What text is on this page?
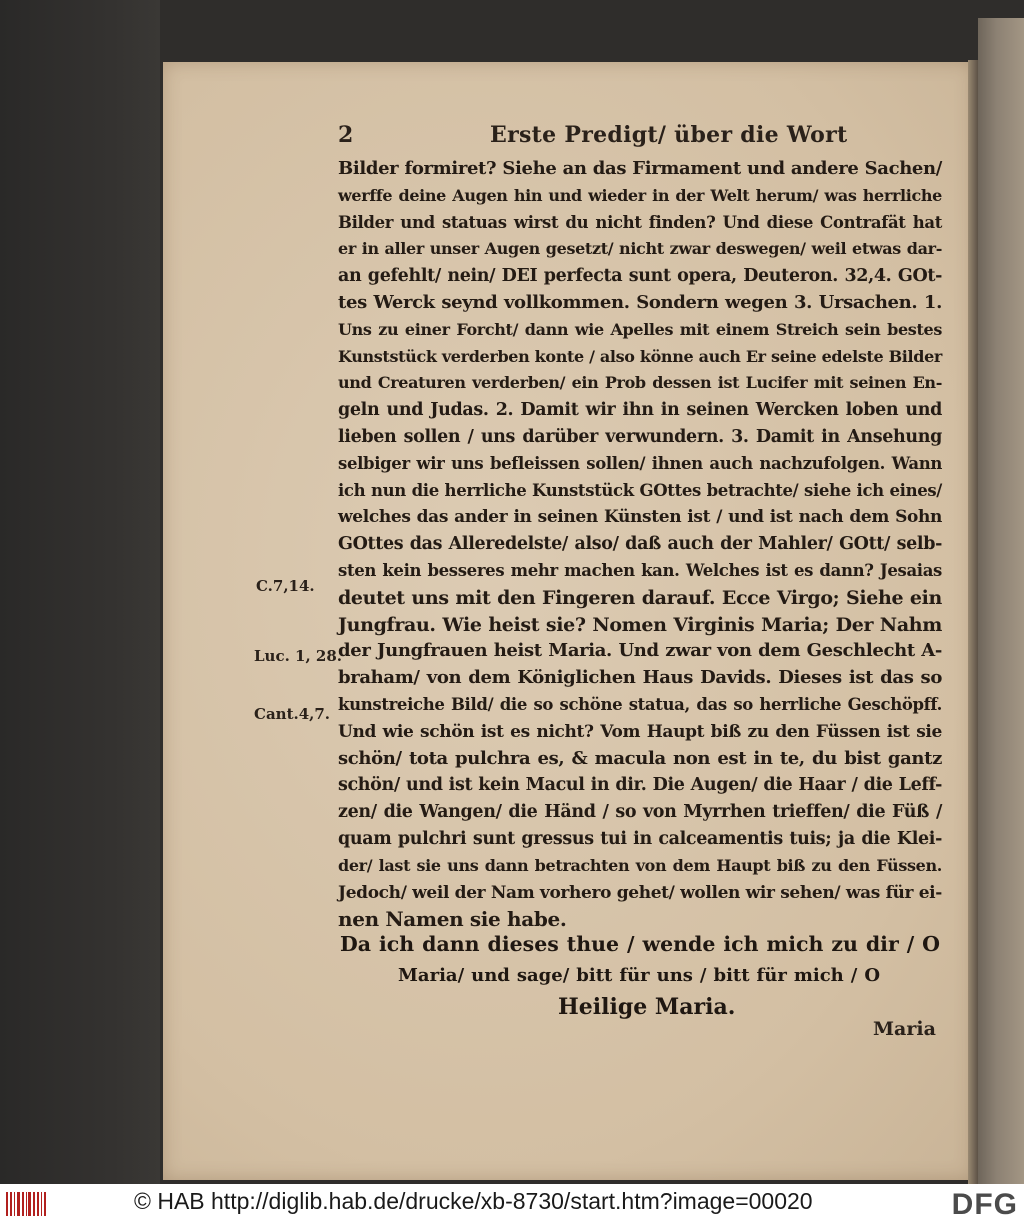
2	Erste Predigt/ über die Wort
Bilder formiret? Siehe an das Firmament und andere Sachen/
werffe deine Augen hin und wieder in der Welt herum/ was herrliche
Bilder und statuas wirst du nicht finden? Und diese Contrafät hat
er in aller unser Augen gesetzt/ nicht zwar deswegen/ weil etwas dar-
an gefehlt/ nein/ DEI perfecta sunt opera, Deuteron. 32,4. GOt-
tes Werck seynd vollkommen. Sondern wegen 3. Ursachen. 1.
Uns zu einer Forcht/ dann wie Apelles mit einem Streich sein bestes
Kunststück verderben konte / also könne auch Er seine edelste Bilder
und Creaturen verderben/ ein Prob dessen ist Lucifer mit seinen En-
geln und Judas. 2. Damit wir ihn in seinen Wercken loben und
lieben sollen / uns darüber verwundern. 3. Damit in Ansehung
selbiger wir uns befleissen sollen/ ihnen auch nachzufolgen. Wann
ich nun die herrliche Kunststück GOttes betrachte/ siehe ich eines/
welches das ander in seinen Künsten ist / und ist nach dem Sohn
GOttes das Alleredelste/ also/ daß auch der Mahler/ GOtt/ selb-
sten kein besseres mehr machen kan. Welches ist es dann? Jesaias
deutet uns mit den Fingeren darauf. Ecce Virgo; Siehe ein
Jungfrau. Wie heist sie? Nomen Virginis Maria; Der Nahm
der Jungfrauen heist Maria. Und zwar von dem Geschlecht A-
braham/ von dem Königlichen Haus Davids. Dieses ist das so
kunstreiche Bild/ die so schöne statua, das so herrliche Geschöpff.
Und wie schön ist es nicht? Vom Haupt biß zu den Füssen ist sie
schön/ tota pulchra es, & macula non est in te, du bist gantz
schön/ und ist kein Macul in dir. Die Augen/ die Haar / die Leff-
zen/ die Wangen/ die Händ / so von Myrrhen trieffen/ die Füß /
quam pulchri sunt gressus tui in calceamentis tuis; ja die Klei-
der/ last sie uns dann betrachten von dem Haupt biß zu den Füssen.
Jedoch/ weil der Nam vorhero gehet/ wollen wir sehen/ was für ei-
nen Namen sie habe.
C.7,14.
Luc. 1, 28.
Cant.4,7.
Da ich dann dieses thue / wende ich mich zu dir / O
Maria/ und sage/ bitt für uns / bitt für mich / O
Heilige Maria.
Maria
© HAB http://diglib.hab.de/drucke/xb-8730/start.htm?image=00020	DFG
